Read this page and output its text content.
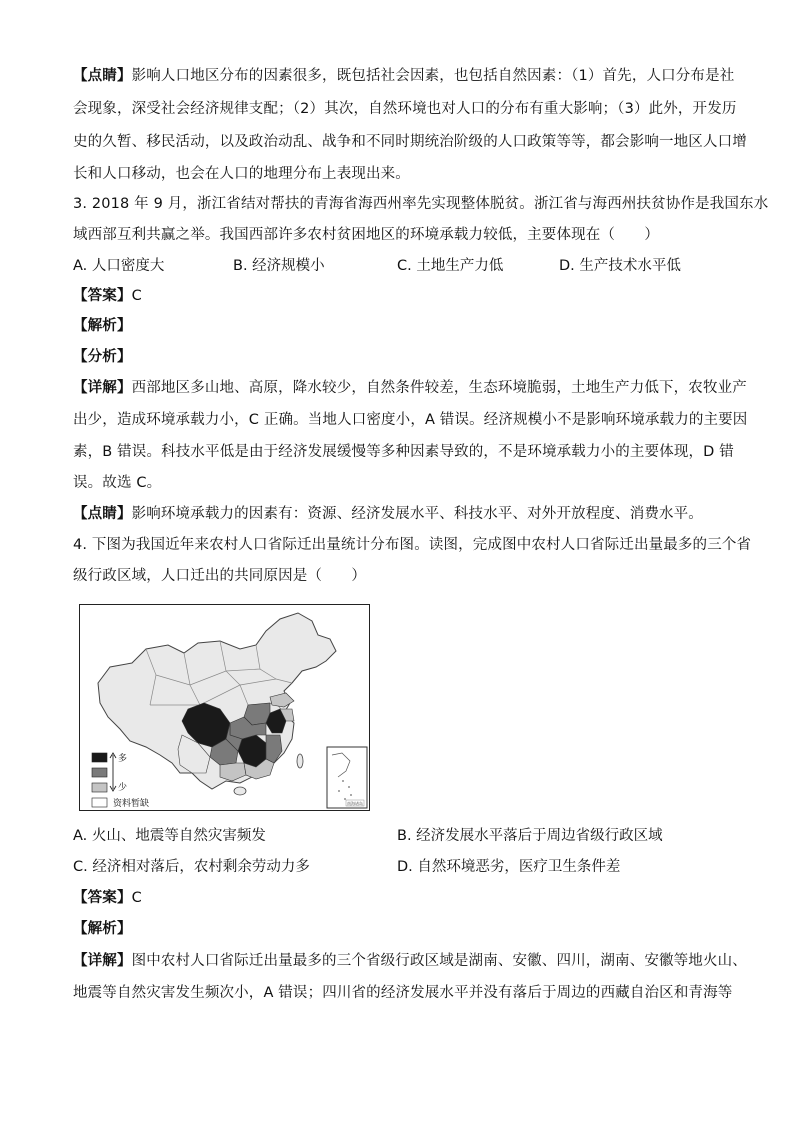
【点睛】影响人口地区分布的因素很多，既包括社会因素，也包括自然因素：（1）首先，人口分布是社
会现象，深受社会经济规律支配；（2）其次，自然环境也对人口的分布有重大影响；（3）此外，开发历
史的久暂、移民活动，以及政治动乱、战争和不同时期统治阶级的人口政策等等，都会影响一地区人口增
长和人口移动，也会在人口的地理分布上表现出来。
3. 2018 年 9 月，浙江省结对帮扶的青海省海西州率先实现整体脱贫。浙江省与海西州扶贫协作是我国东水
域西部互利共赢之举。我国西部许多农村贫困地区的环境承载力较低，主要体现在（　　）
A. 人口密度大	B. 经济规模小	C. 土地生产力低	D. 生产技术水平低
【答案】C
【解析】
【分析】
【详解】西部地区多山地、高原，降水较少，自然条件较差，生态环境脆弱，土地生产力低下，农牧业产
出少，造成环境承载力小，C 正确。当地人口密度小，A 错误。经济规模小不是影响环境承载力的主要因
素，B 错误。科技水平低是由于经济发展缓慢等多种因素导致的，不是环境承载力小的主要体现，D 错
误。故选 C。
【点睛】影响环境承载力的因素有：资源、经济发展水平、科技水平、对外开放程度、消费水平。
4. 下图为我国近年来农村人口省际迁出量统计分布图。读图，完成图中农村人口省际迁出量最多的三个省
级行政区域，人口迁出的共同原因是（　　）
南海诸岛
多
少
资料暂缺
A. 火山、地震等自然灾害频发	B. 经济发展水平落后于周边省级行政区域
C. 经济相对落后，农村剩余劳动力多	D. 自然环境恶劣，医疗卫生条件差
【答案】C
【解析】
【详解】图中农村人口省际迁出量最多的三个省级行政区域是湖南、安徽、四川，湖南、安徽等地火山、
地震等自然灾害发生频次小，A 错误；四川省的经济发展水平并没有落后于周边的西藏自治区和青海等
